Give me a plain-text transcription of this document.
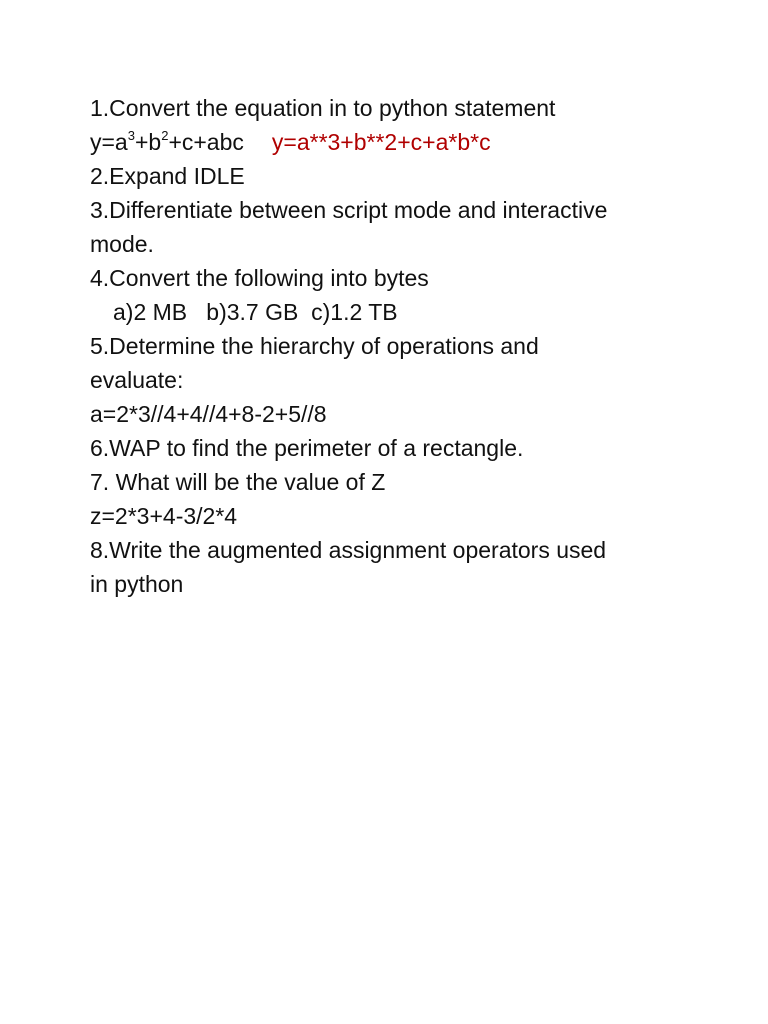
1.Convert the equation in to python statement
$y=a^3+b^2+c+abc$ y=a**3+b**2+c+a*b*c
2.Expand IDLE
3.Differentiate between script mode and interactive
mode.
4.Convert the following into bytes
a)2 MB   b)3.7 GB  c)1.2 TB
5.Determine the hierarchy of operations and
evaluate:
a=2*3//4+4//4+8-2+5//8
6.WAP to find the perimeter of a rectangle.
7. What will be the value of Z
z=2*3+4-3/2*4
8.Write the augmented assignment operators used
in python
